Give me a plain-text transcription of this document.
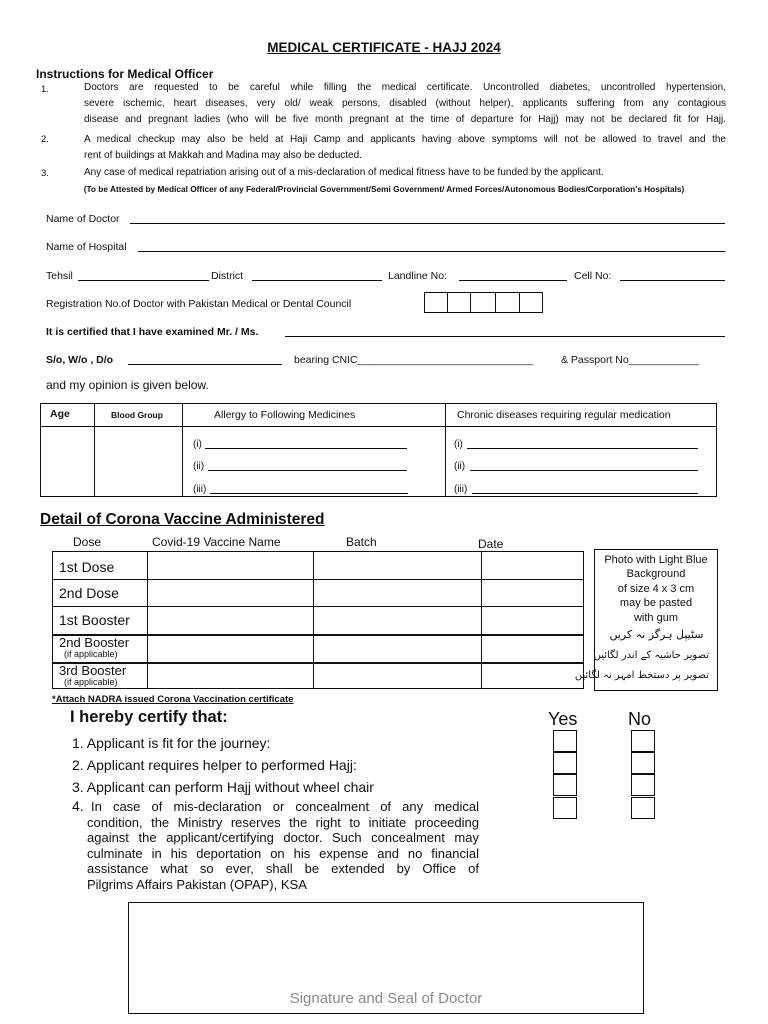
MEDICAL CERTIFICATE - HAJJ 2024
Instructions for Medical Officer
1.	Doctors are requested to be careful while filling the medical certificate. Uncontrolled diabetes, uncontrolled hypertension,
severe ischemic, heart diseases, very old/ weak persons, disabled (without helper), applicants suffering from any contagious
disease and pregnant ladies (who will be five month pregnant at the time of departure for Hajj) may not be declared fit for Hajj.
2.	A medical checkup may also be held at Haji Camp and applicants having above symptoms will not be allowed to travel and the
rent of buildings at Makkah and Madina may also be deducted.
3.	Any case of medical repatriation arising out of a mis-declaration of medical fitness have to be funded by the applicant.
(To be Attested by Medical Officer of any Federal/Provincial Government/Semi Government/ Armed Forces/Autonomous Bodies/Corporation's Hospitals)
Name of Doctor
Name of Hospital
Tehsil	District	Landline No:	Cell No:
Registration No.of Doctor with Pakistan Medical or Dental Council
It is certified that I have examined Mr. / Ms.
S/o, W/o , D/o	bearing CNIC______________________________	& Passport No____________
and my opinion is given below.
Age	Blood Group	Allergy to Following Medicines	Chronic diseases requiring regular medication
(i)
(ii)
(iii)
(i)
(ii)
(iii)
Detail of Corona Vaccine Administered
Dose	Covid-19 Vaccine Name	Batch	Date
1st Dose
2nd Dose
1st Booster
2nd Booster
(if applicable)
3rd Booster
(if applicable)
*Attach NADRA issued Corona Vaccination certificate
Photo with Light Blue
Background
of size 4 x 3 cm
may be pasted
with gum
سٹیپل ہرگز نہ کریں
تصویر حاشیہ کے اندر لگائیں
تصویر پر دستخط امہر نہ لگائیں
I hereby certify that:	Yes	No
1. Applicant is fit for the journey:
2. Applicant requires helper to performed Hajj:
3. Applicant can perform Hajj without wheel chair
4. In case of mis-declaration or concealment of any medical
condition, the Ministry reserves the right to initiate proceeding
against the applicant/certifying doctor. Such concealment may
culminate in his deportation on his expense and no financial
assistance what so ever, shall be extended by Office of
Pilgrims Affairs Pakistan (OPAP), KSA
Signature and Seal of Doctor
